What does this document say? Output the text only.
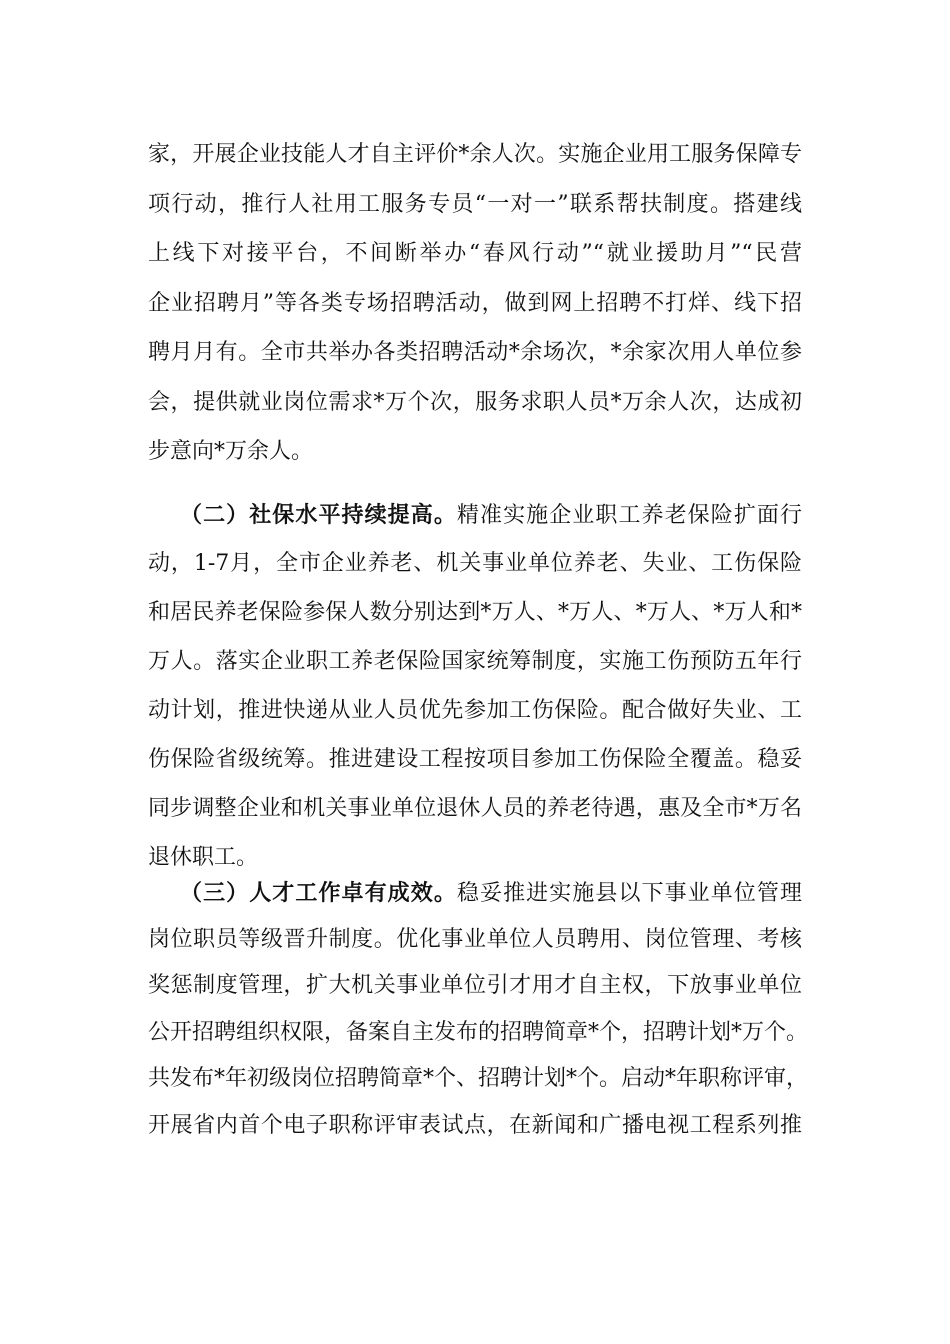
家，开展企业技能人才自主评价*余人次。实施企业用工服务保障专
项行动，推行人社用工服务专员“一对一”联系帮扶制度。搭建线
上线下对接平台，不间断举办“春风行动”“就业援助月”“民营
企业招聘月”等各类专场招聘活动，做到网上招聘不打烊、线下招
聘月月有。全市共举办各类招聘活动*余场次，*余家次用人单位参
会，提供就业岗位需求*万个次，服务求职人员*万余人次，达成初
步意向*万余人。
（二）社保水平持续提高。精准实施企业职工养老保险扩面行
动，1-7月，全市企业养老、机关事业单位养老、失业、工伤保险
和居民养老保险参保人数分别达到*万人、*万人、*万人、*万人和*
万人。落实企业职工养老保险国家统筹制度，实施工伤预防五年行
动计划，推进快递从业人员优先参加工伤保险。配合做好失业、工
伤保险省级统筹。推进建设工程按项目参加工伤保险全覆盖。稳妥
同步调整企业和机关事业单位退休人员的养老待遇，惠及全市*万名
退休职工。
（三）人才工作卓有成效。稳妥推进实施县以下事业单位管理
岗位职员等级晋升制度。优化事业单位人员聘用、岗位管理、考核
奖惩制度管理，扩大机关事业单位引才用才自主权，下放事业单位
公开招聘组织权限，备案自主发布的招聘简章*个，招聘计划*万个。
共发布*年初级岗位招聘简章*个、招聘计划*个。启动*年职称评审，
开展省内首个电子职称评审表试点，在新闻和广播电视工程系列推
